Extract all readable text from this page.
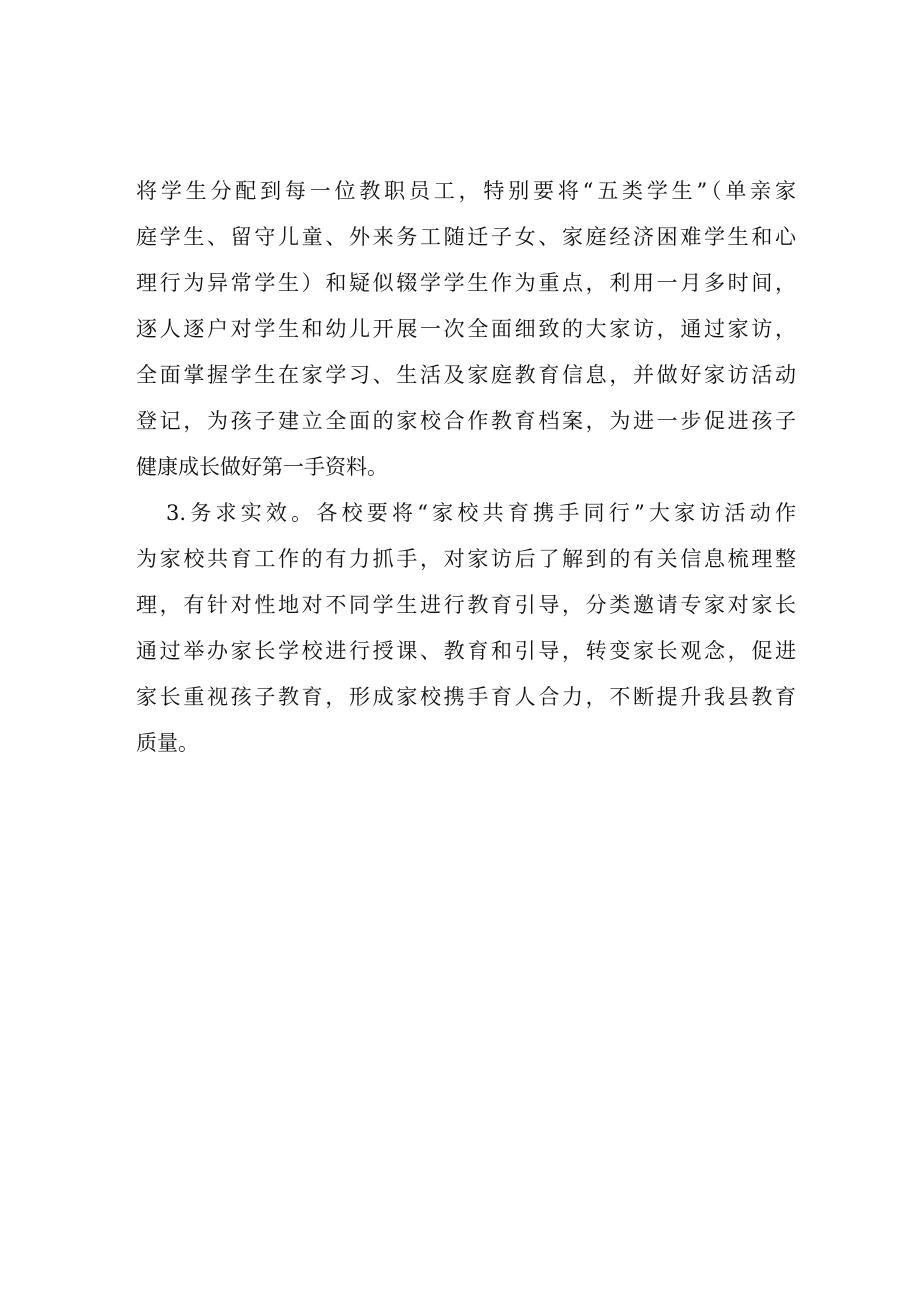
将学生分配到每一位教职员工，特别要将“五类学生”（单亲家
庭学生、留守儿童、外来务工随迁子女、家庭经济困难学生和心
理行为异常学生）和疑似辍学学生作为重点，利用一月多时间，
逐人逐户对学生和幼儿开展一次全面细致的大家访，通过家访，
全面掌握学生在家学习、生活及家庭教育信息，并做好家访活动
登记，为孩子建立全面的家校合作教育档案，为进一步促进孩子
健康成长做好第一手资料。
3.务求实效。各校要将“家校共育携手同行”大家访活动作
为家校共育工作的有力抓手，对家访后了解到的有关信息梳理整
理，有针对性地对不同学生进行教育引导，分类邀请专家对家长
通过举办家长学校进行授课、教育和引导，转变家长观念，促进
家长重视孩子教育，形成家校携手育人合力，不断提升我县教育
质量。
